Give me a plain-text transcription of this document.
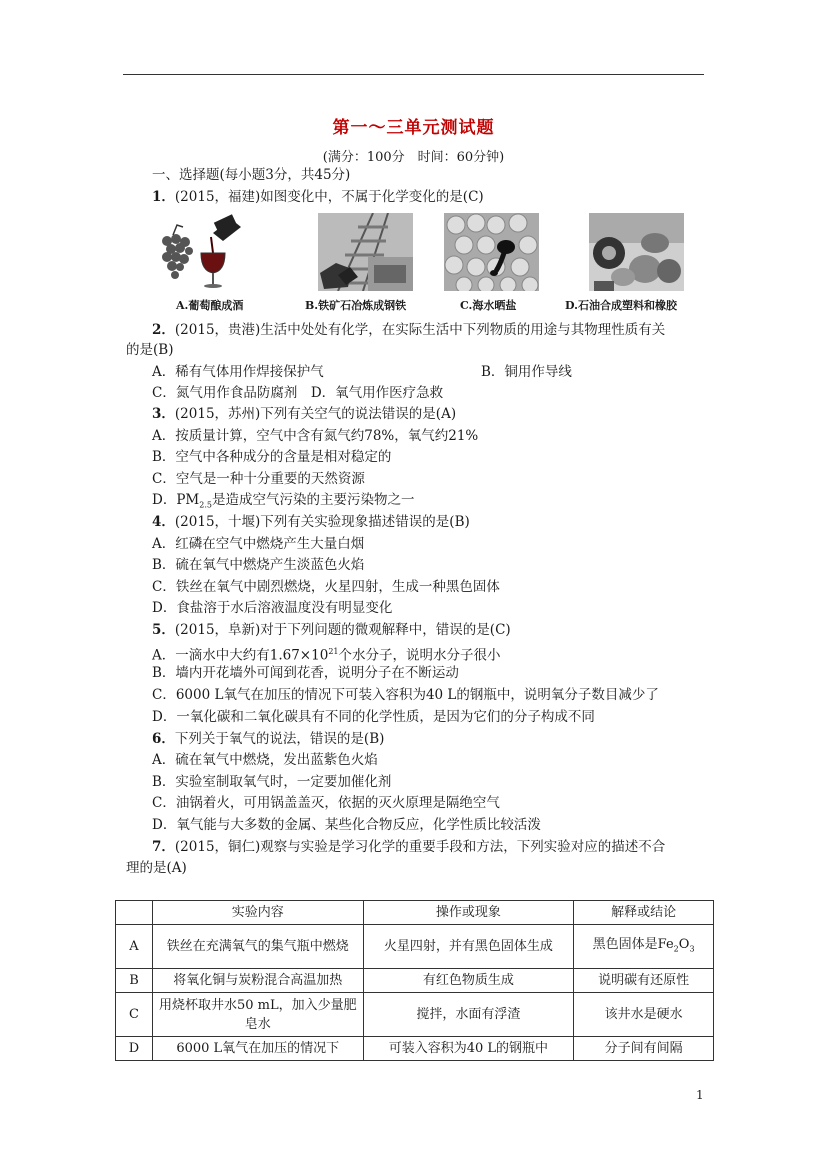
第一～三单元测试题
(满分：100分　时间：60分钟)
一、选择题(每小题3分，共45分)
1．(2015，福建)如图变化中，不属于化学变化的是(C)
A.葡萄酿成酒	B.铁矿石冶炼成钢铁	C.海水晒盐	D.石油合成塑料和橡胶
2．(2015，贵港)生活中处处有化学，在实际生活中下列物质的用途与其物理性质有关
的是(B)
A．稀有气体用作焊接保护气	B．铜用作导线
C．氮气用作食品防腐剂　D．氧气用作医疗急救
3．(2015，苏州)下列有关空气的说法错误的是(A)
A．按质量计算，空气中含有氮气约78%，氧气约21%
B．空气中各种成分的含量是相对稳定的
C．空气是一种十分重要的天然资源
D．$PM_{2.5}$是造成空气污染的主要污染物之一
4．(2015，十堰)下列有关实验现象描述错误的是(B)
A．红磷在空气中燃烧产生大量白烟
B．硫在氧气中燃烧产生淡蓝色火焰
C．铁丝在氧气中剧烈燃烧，火星四射，生成一种黑色固体
D．食盐溶于水后溶液温度没有明显变化
5．(2015，阜新)对于下列问题的微观解释中，错误的是(C)
A．一滴水中大约有$1.67\times 10^{21}$个水分子，说明水分子很小
B．墙内开花墙外可闻到花香，说明分子在不断运动
C．6000 L氧气在加压的情况下可装入容积为40 L的钢瓶中，说明氧分子数目减少了
D．一氧化碳和二氧化碳具有不同的化学性质，是因为它们的分子构成不同
6．下列关于氧气的说法，错误的是(B)
A．硫在氧气中燃烧，发出蓝紫色火焰
B．实验室制取氧气时，一定要加催化剂
C．油锅着火，可用锅盖盖灭，依据的灭火原理是隔绝空气
D．氧气能与大多数的金属、某些化合物反应，化学性质比较活泼
7．(2015，铜仁)观察与实验是学习化学的重要手段和方法，下列实验对应的描述不合
理的是(A)
	实验内容	操作或现象	解释或结论
A	铁丝在充满氧气的集气瓶中燃烧	火星四射，并有黑色固体生成	黑色固体是$Fe_2O_3$
B	将氧化铜与炭粉混合高温加热	有红色物质生成	说明碳有还原性
C	用烧杯取井水50 mL，加入少量肥皂水	搅拌，水面有浮渣	该井水是硬水
D	6000 L氧气在加压的情况下	可装入容积为40 L的钢瓶中	分子间有间隔
1
